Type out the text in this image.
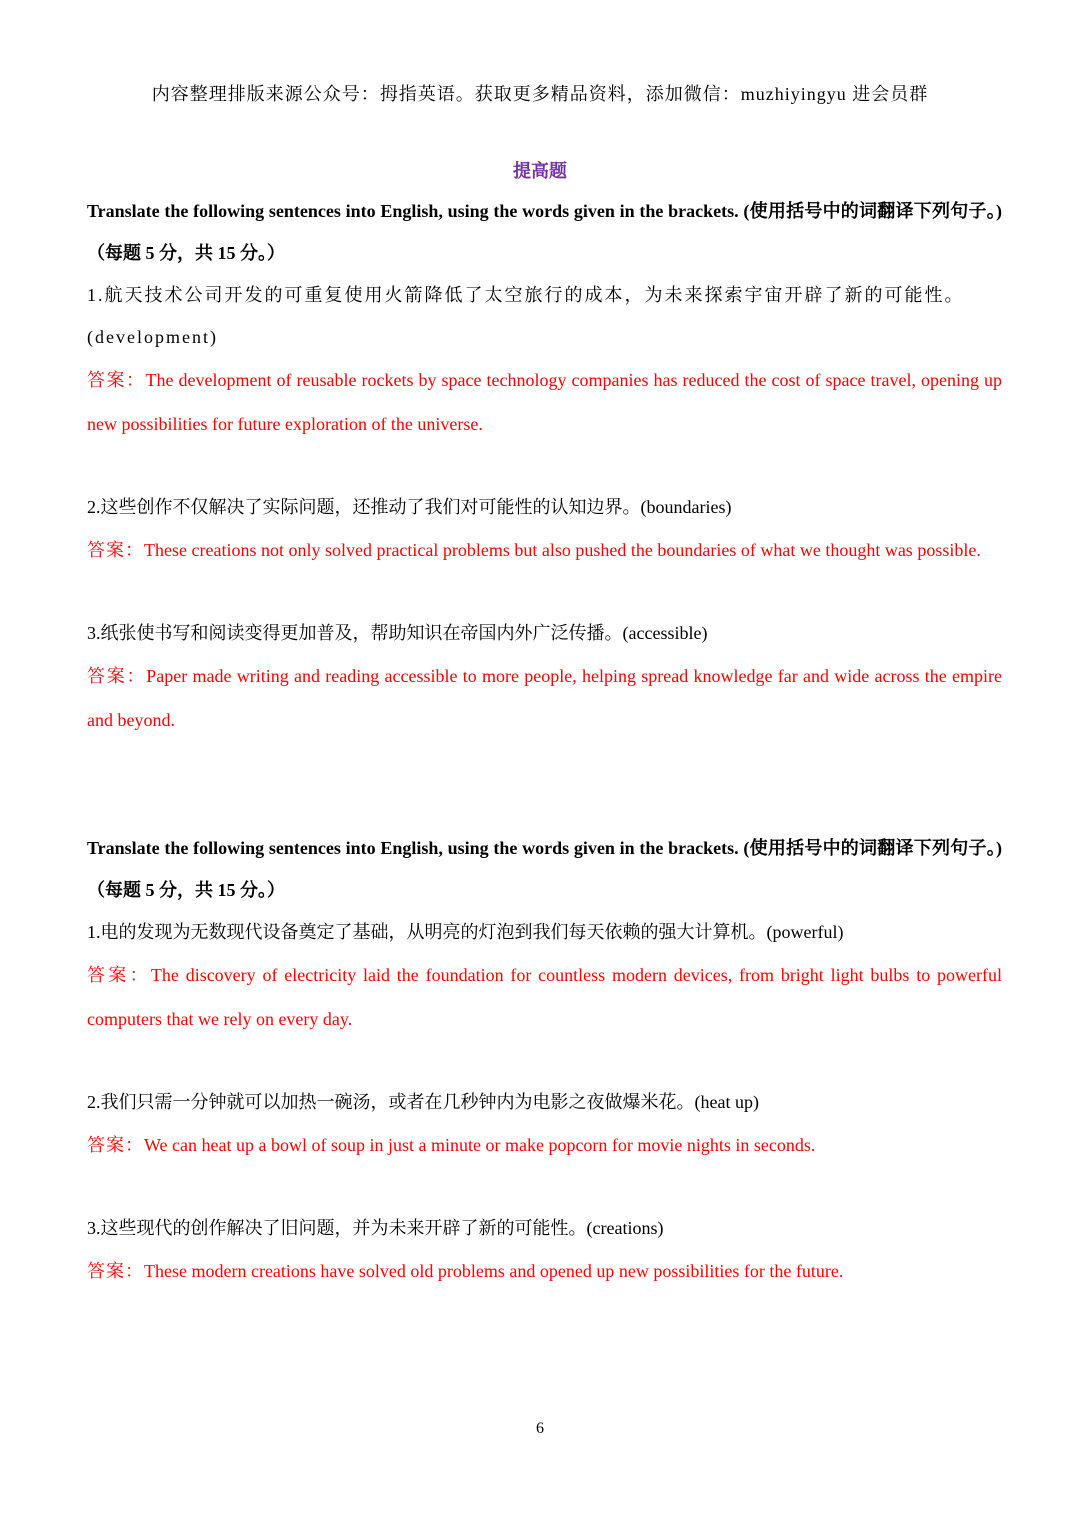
内容整理排版来源公众号：拇指英语。获取更多精品资料，添加微信：muzhiyingyu 进会员群
提高题

Translate the following sentences into English, using the words given in the brackets. (使用括号中的词翻译下列句子。)（每题 5 分，共 15 分。）

1.航天技术公司开发的可重复使用火箭降低了太空旅行的成本，为未来探索宇宙开辟了新的可能性。(development)

答案：The development of reusable rockets by space technology companies has reduced the cost of space travel, opening up new possibilities for future exploration of the universe.

2.这些创作不仅解决了实际问题，还推动了我们对可能性的认知边界。(boundaries)

答案：These creations not only solved practical problems but also pushed the boundaries of what we thought was possible.

3.纸张使书写和阅读变得更加普及，帮助知识在帝国内外广泛传播。(accessible)

答案：Paper made writing and reading accessible to more people, helping spread knowledge far and wide across the empire and beyond.

Translate the following sentences into English, using the words given in the brackets. (使用括号中的词翻译下列句子。)（每题 5 分，共 15 分。）

1.电的发现为无数现代设备奠定了基础，从明亮的灯泡到我们每天依赖的强大计算机。(powerful)

答案：The discovery of electricity laid the foundation for countless modern devices, from bright light bulbs to powerful computers that we rely on every day.

2.我们只需一分钟就可以加热一碗汤，或者在几秒钟内为电影之夜做爆米花。(heat up)

答案：We can heat up a bowl of soup in just a minute or make popcorn for movie nights in seconds.

3.这些现代的创作解决了旧问题，并为未来开辟了新的可能性。(creations)

答案：These modern creations have solved old problems and opened up new possibilities for the future.

6
